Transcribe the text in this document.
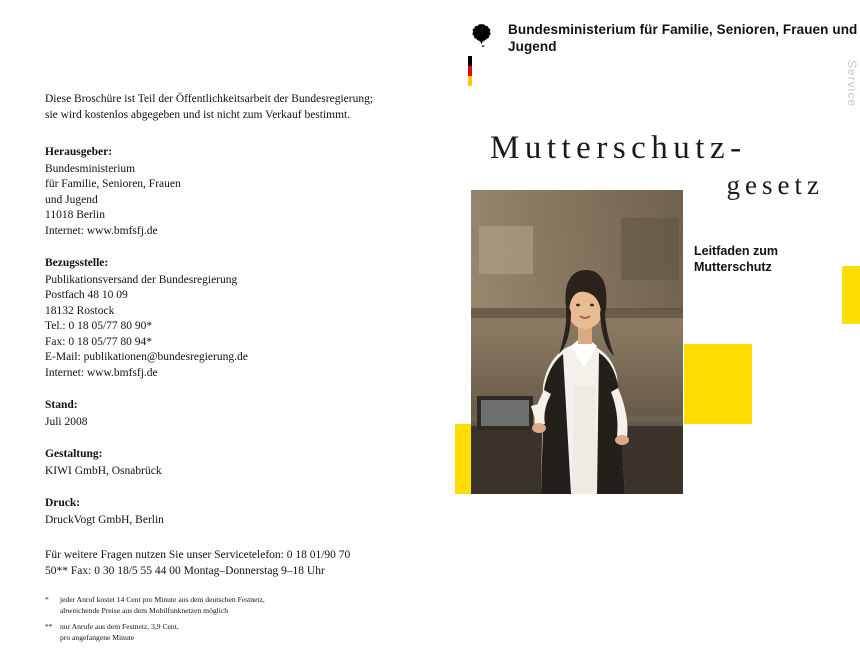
Service
Bundesministerium für Familie, Senioren, Frauen und Jugend
Diese Broschüre ist Teil der Öffentlichkeitsarbeit der Bundesregierung; sie wird kostenlos abgegeben und ist nicht zum Verkauf bestimmt.
Herausgeber:
Bundesministerium
für Familie, Senioren, Frauen
und Jugend
11018 Berlin
Internet: www.bmfsfj.de
Bezugsstelle:
Publikationsversand der Bundesregierung
Postfach 48 10 09
18132 Rostock
Tel.: 0 18 05/77 80 90*
Fax: 0 18 05/77 80 94*
E-Mail: publikationen@bundesregierung.de
Internet: www.bmfsfj.de
Stand:
Juli 2008
Gestaltung:
KIWI GmbH, Osnabrück
Druck:
DruckVogt GmbH, Berlin
Für weitere Fragen nutzen Sie unser Servicetelefon: 0 18 01/90 70 50** Fax: 0 30 18/5 55 44 00 Montag–Donnerstag 9–18 Uhr
*	jeder Anruf kostet 14 Cent pro Minute aus dem deutschen Festnetz,
abweichende Preise aus dem Mobilfunknetzen möglich
** nur Anrufe aus dem Festnetz, 3,9 Cent,
pro angefangene Minute
Mutterschutz-
gesetz
Leitfaden zum
Mutterschutz
